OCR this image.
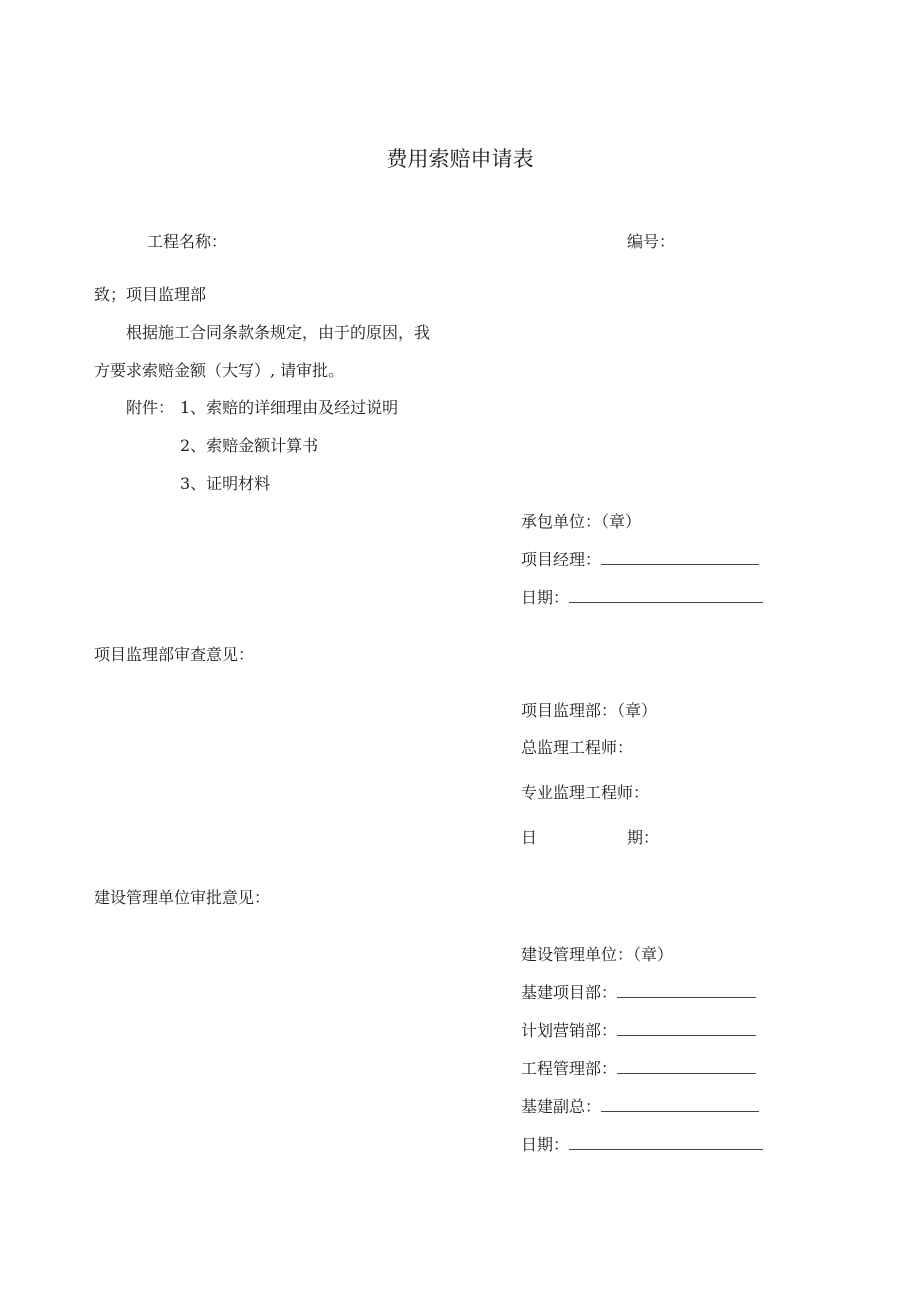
费用索赔申请表
工程名称：	编号：
致；项目监理部
根据施工合同条款条规定，由于的原因，我
方要求索赔金额（大写）, 请审批。
附件： 1、索赔的详细理由及经过说明
2、索赔金额计算书
3、证明材料
承包单位：（章）
项目经理：
日期：
项目监理部审查意见：
项目监理部：（章）
总监理工程师：
专业监理工程师：
日	期：
建设管理单位审批意见：
建设管理单位：（章）
基建项目部：
计划营销部：
工程管理部：
基建副总：
日期：
